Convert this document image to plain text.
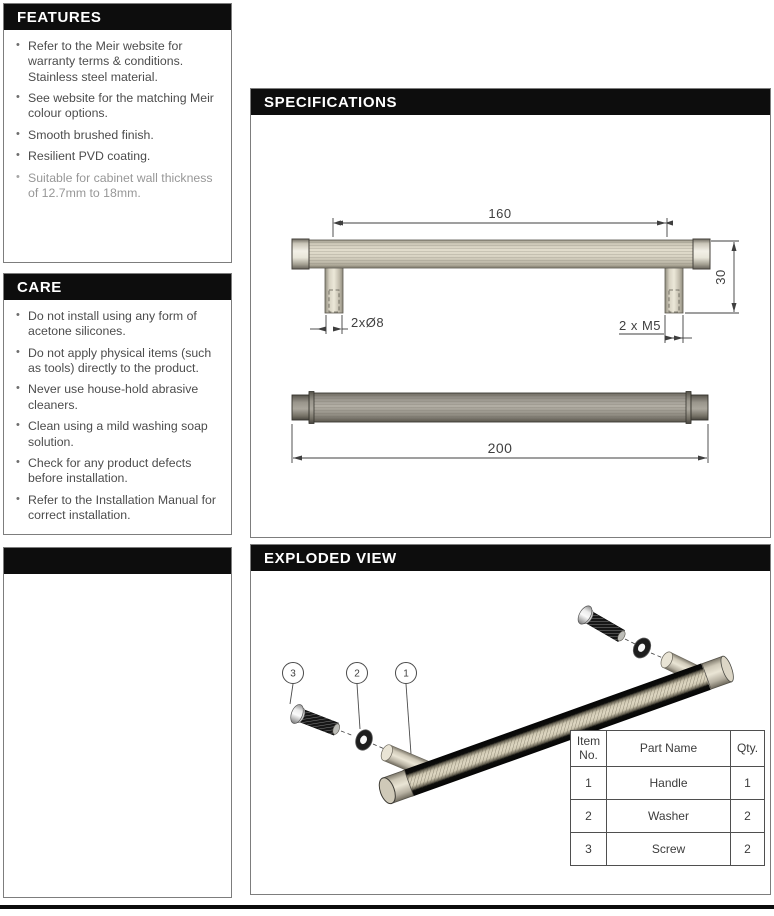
FEATURES
• Refer to the Meir website for warranty terms & conditions. Stainless steel material.
• See website for the matching Meir colour options.
• Smooth brushed finish.
• Resilient PVD coating.
• Suitable for cabinet wall thickness of 12.7mm to 18mm.
CARE
• Do not install using any form of acetone silicones.
• Do not apply physical items (such as tools) directly to the product.
• Never use house-hold abrasive cleaners.
• Clean using a mild washing soap solution.
• Check for any product defects before installation.
• Refer to the Installation Manual for correct installation.
SPECIFICATIONS
160
30
2xØ8	2 x M5
200
EXPLODED VIEW
3	2	1
Item No.	Part Name	Qty.
1	Handle	1
2	Washer	2
3	Screw	2
